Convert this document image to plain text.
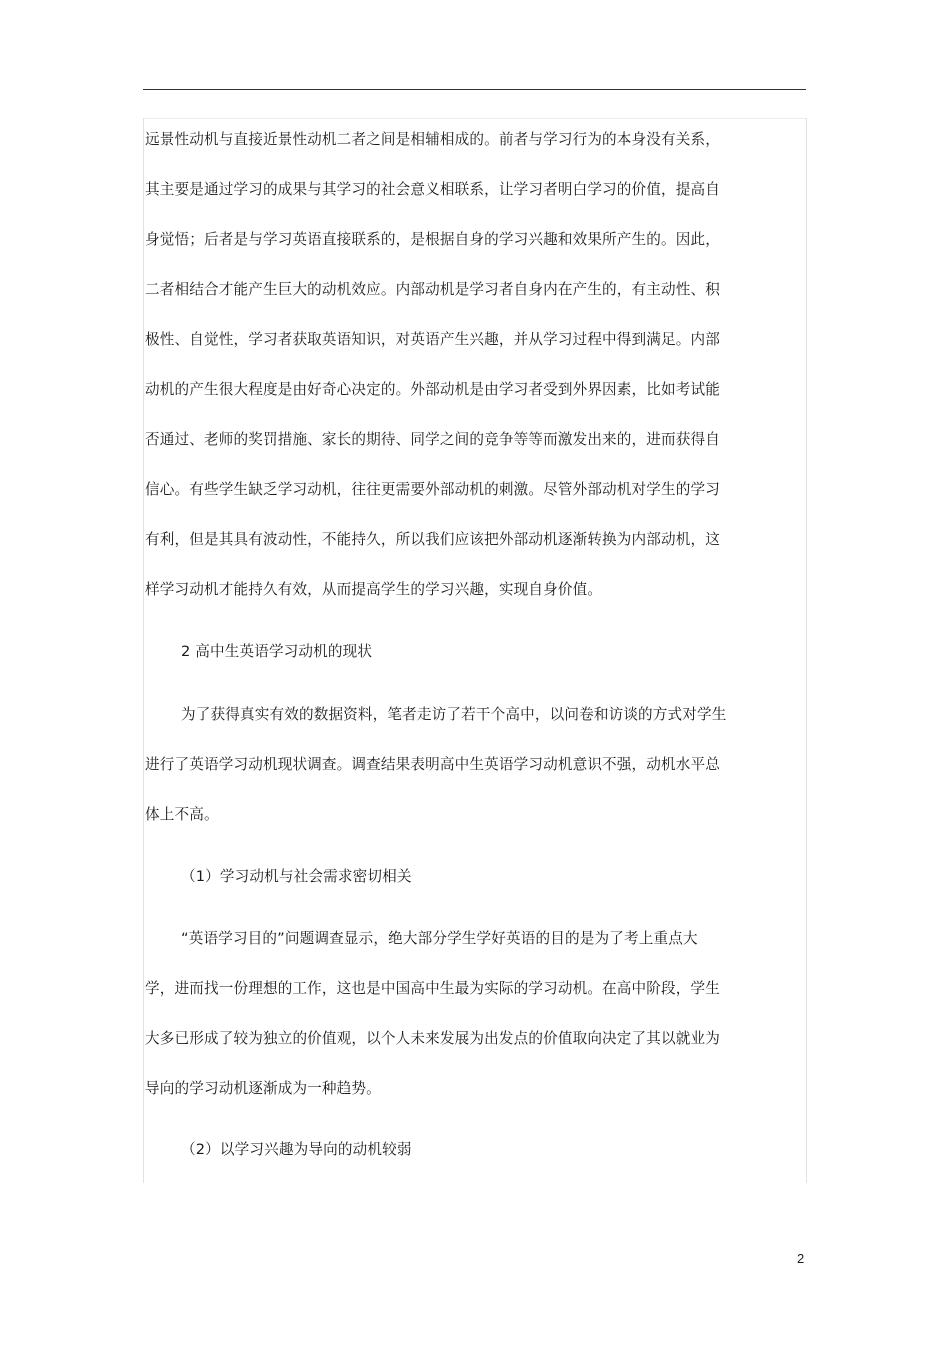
远景性动机与直接近景性动机二者之间是相辅相成的。前者与学习行为的本身没有关系，
其主要是通过学习的成果与其学习的社会意义相联系，让学习者明白学习的价值，提高自
身觉悟；后者是与学习英语直接联系的，是根据自身的学习兴趣和效果所产生的。因此，
二者相结合才能产生巨大的动机效应。内部动机是学习者自身内在产生的，有主动性、积
极性、自觉性，学习者获取英语知识，对英语产生兴趣，并从学习过程中得到满足。内部
动机的产生很大程度是由好奇心决定的。外部动机是由学习者受到外界因素，比如考试能
否通过、老师的奖罚措施、家长的期待、同学之间的竞争等等而激发出来的，进而获得自
信心。有些学生缺乏学习动机，往往更需要外部动机的刺激。尽管外部动机对学生的学习
有利，但是其具有波动性，不能持久，所以我们应该把外部动机逐渐转换为内部动机，这
样学习动机才能持久有效，从而提高学生的学习兴趣，实现自身价值。
2 高中生英语学习动机的现状
为了获得真实有效的数据资料，笔者走访了若干个高中，以问卷和访谈的方式对学生
进行了英语学习动机现状调查。调查结果表明高中生英语学习动机意识不强，动机水平总
体上不高。
（1）学习动机与社会需求密切相关
“英语学习目的”问题调查显示，绝大部分学生学好英语的目的是为了考上重点大
学，进而找一份理想的工作，这也是中国高中生最为实际的学习动机。在高中阶段，学生
大多已形成了较为独立的价值观，以个人未来发展为出发点的价值取向决定了其以就业为
导向的学习动机逐渐成为一种趋势。
（2）以学习兴趣为导向的动机较弱
2
